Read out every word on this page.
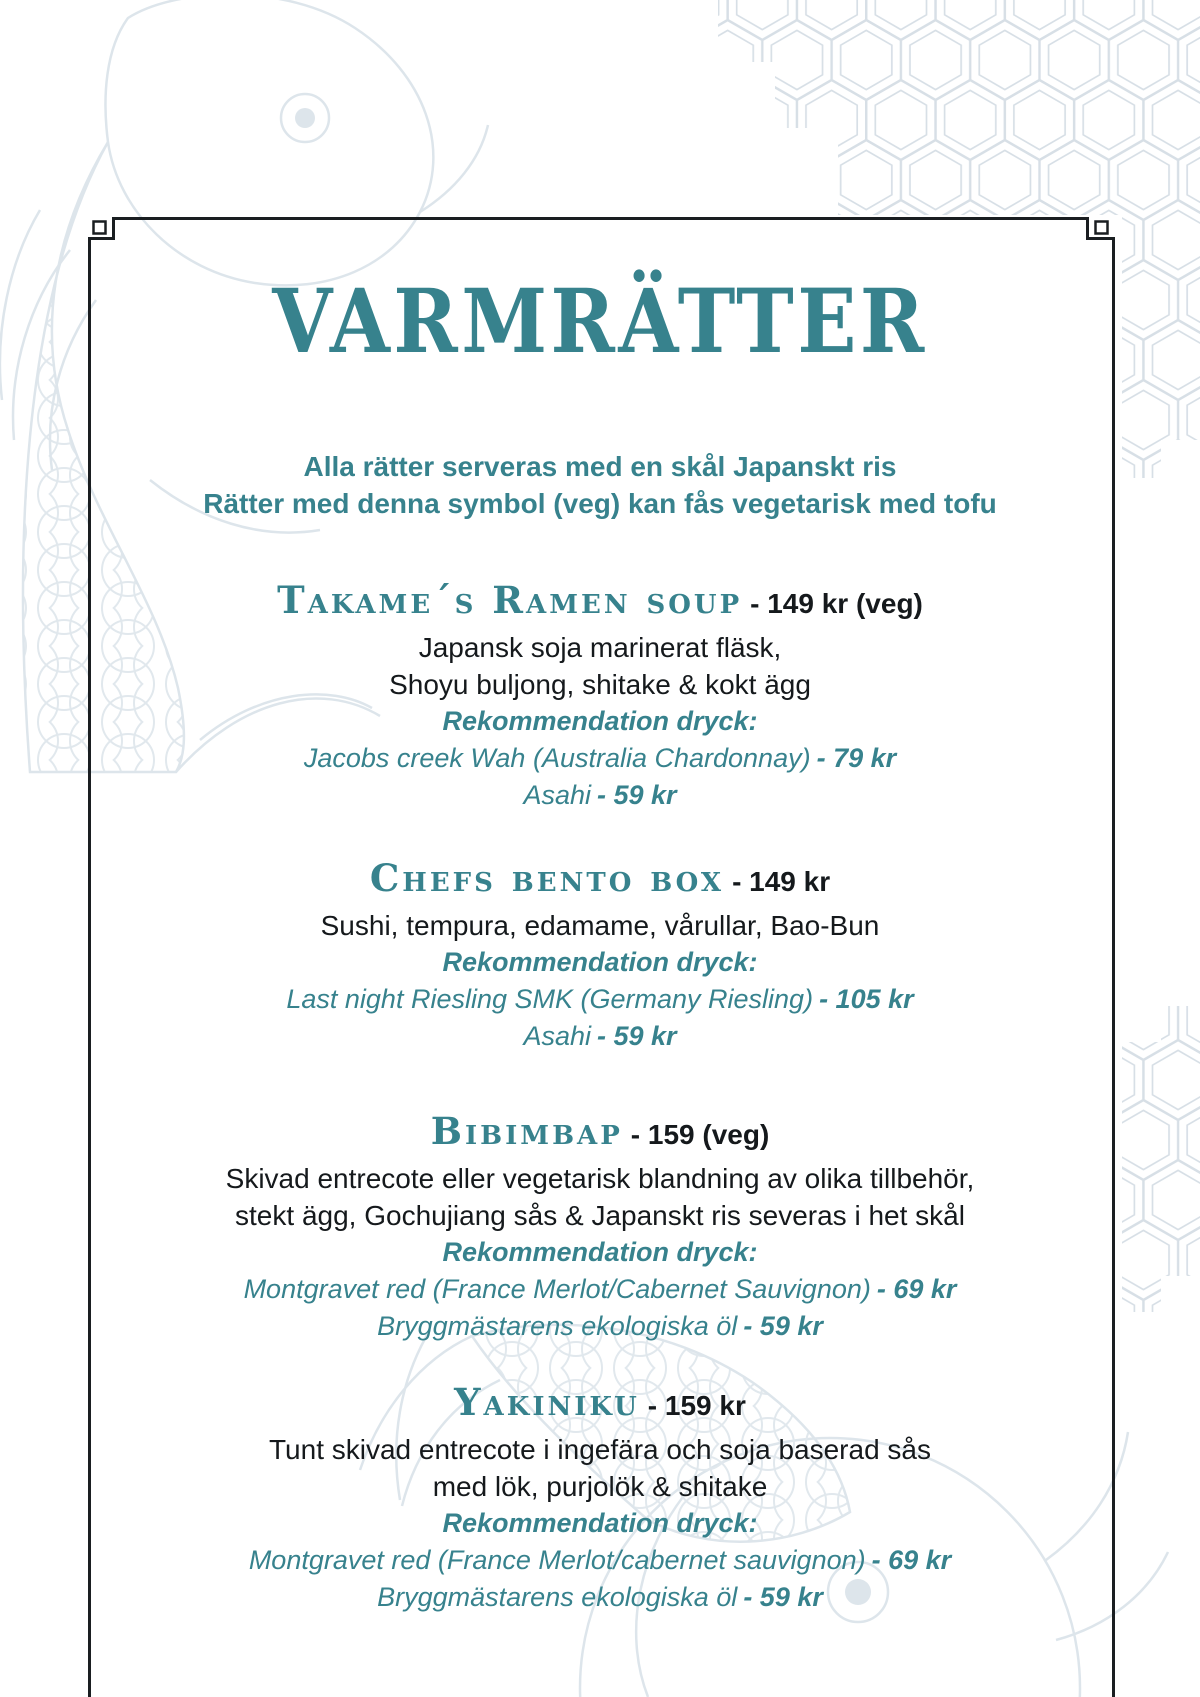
VARMRÄTTER

Alla rätter serveras med en skål Japanskt ris

Rätter med denna symbol (veg) kan fås vegetarisk med tofu

Takame´s Ramen soup - 149 kr (veg)

Japansk soja marinerat fläsk,

Shoyu buljong, shitake & kokt ägg

Rekommendation dryck:

Jacobs creek Wah (Australia Chardonnay) - 79 kr

Asahi - 59 kr

Chefs bento box - 149 kr

Sushi, tempura, edamame, vårullar, Bao-Bun

Rekommendation dryck:

Last night Riesling SMK (Germany Riesling) - 105 kr

Asahi - 59 kr

Bibimbap - 159 (veg)

Skivad entrecote eller vegetarisk blandning av olika tillbehör,

stekt ägg, Gochujiang sås & Japanskt ris severas i het skål

Rekommendation dryck:

Montgravet red (France Merlot/Cabernet Sauvignon) - 69 kr

Bryggmästarens ekologiska öl - 59 kr

Yakiniku - 159 kr

Tunt skivad entrecote i ingefära och soja baserad sås

med lök, purjolök & shitake

Rekommendation dryck:

Montgravet red (France Merlot/cabernet sauvignon) - 69 kr

Bryggmästarens ekologiska öl - 59 kr
